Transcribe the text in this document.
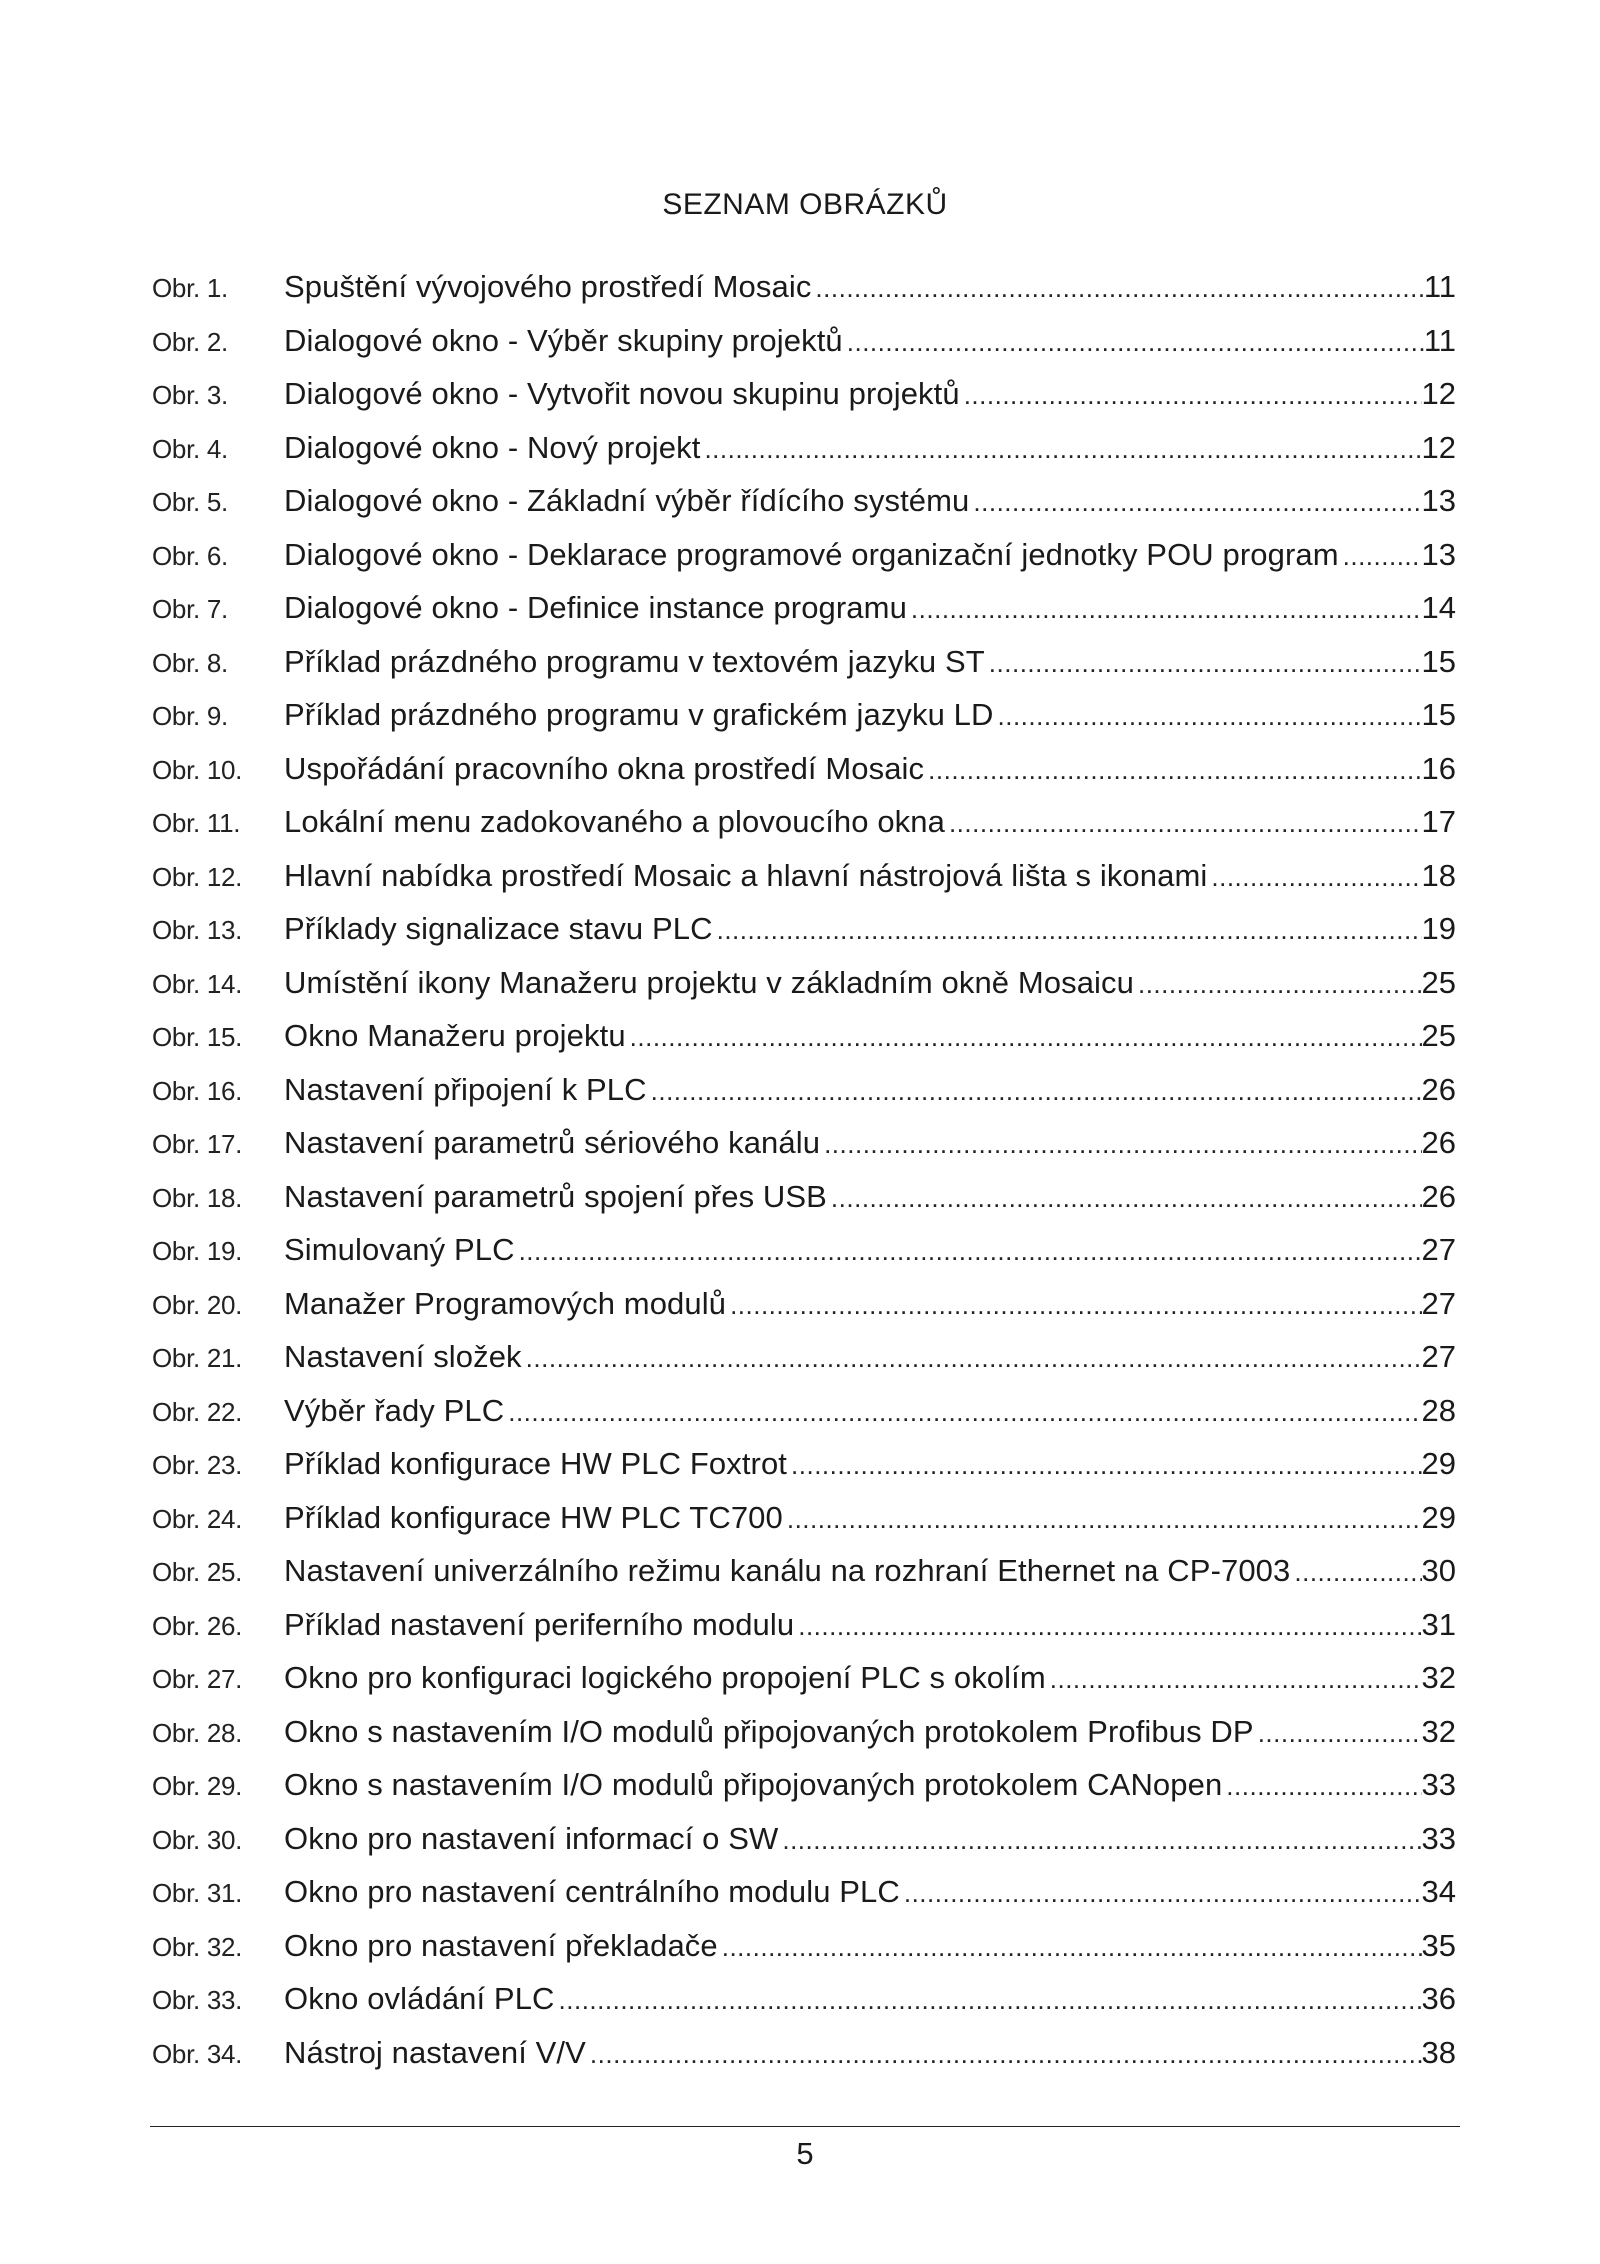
SEZNAM OBRÁZKŮ
Obr. 1.	Spuštění vývojového prostředí Mosaic .....	11
Obr. 2.	Dialogové okno - Výběr skupiny projektů .....	11
Obr. 3.	Dialogové okno - Vytvořit novou skupinu projektů .....	12
Obr. 4.	Dialogové okno - Nový projekt .....	12
Obr. 5.	Dialogové okno - Základní výběr řídícího systému .....	13
Obr. 6.	Dialogové okno - Deklarace programové organizační jednotky POU program .....	13
Obr. 7.	Dialogové okno - Definice instance programu .....	14
Obr. 8.	Příklad prázdného programu v textovém jazyku ST .....	15
Obr. 9.	Příklad prázdného programu v grafickém jazyku LD .....	15
Obr. 10.	Uspořádání pracovního okna prostředí Mosaic .....	16
Obr. 11.	Lokální menu zadokovaného a plovoucího okna .....	17
Obr. 12.	Hlavní nabídka prostředí Mosaic a hlavní nástrojová lišta s ikonami .....	18
Obr. 13.	Příklady signalizace stavu PLC .....	19
Obr. 14.	Umístění ikony Manažeru projektu v základním okně Mosaicu .....	25
Obr. 15.	Okno Manažeru projektu .....	25
Obr. 16.	Nastavení připojení k PLC .....	26
Obr. 17.	Nastavení parametrů sériového kanálu .....	26
Obr. 18.	Nastavení parametrů spojení přes USB .....	26
Obr. 19.	Simulovaný PLC .....	27
Obr. 20.	Manažer Programových modulů .....	27
Obr. 21.	Nastavení složek .....	27
Obr. 22.	Výběr řady PLC .....	28
Obr. 23.	Příklad konfigurace HW PLC Foxtrot .....	29
Obr. 24.	Příklad konfigurace HW PLC TC700 .....	29
Obr. 25.	Nastavení univerzálního režimu kanálu na rozhraní Ethernet na CP-7003 .....	30
Obr. 26.	Příklad nastavení periferního modulu .....	31
Obr. 27.	Okno pro konfiguraci logického propojení PLC s okolím .....	32
Obr. 28.	Okno s nastavením I/O modulů připojovaných protokolem Profibus DP .....	32
Obr. 29.	Okno s nastavením I/O modulů připojovaných protokolem CANopen .....	33
Obr. 30.	Okno pro nastavení informací o SW .....	33
Obr. 31.	Okno pro nastavení centrálního modulu PLC .....	34
Obr. 32.	Okno pro nastavení překladače .....	35
Obr. 33.	Okno ovládání PLC .....	36
Obr. 34.	Nástroj nastavení V/V .....	38
5
